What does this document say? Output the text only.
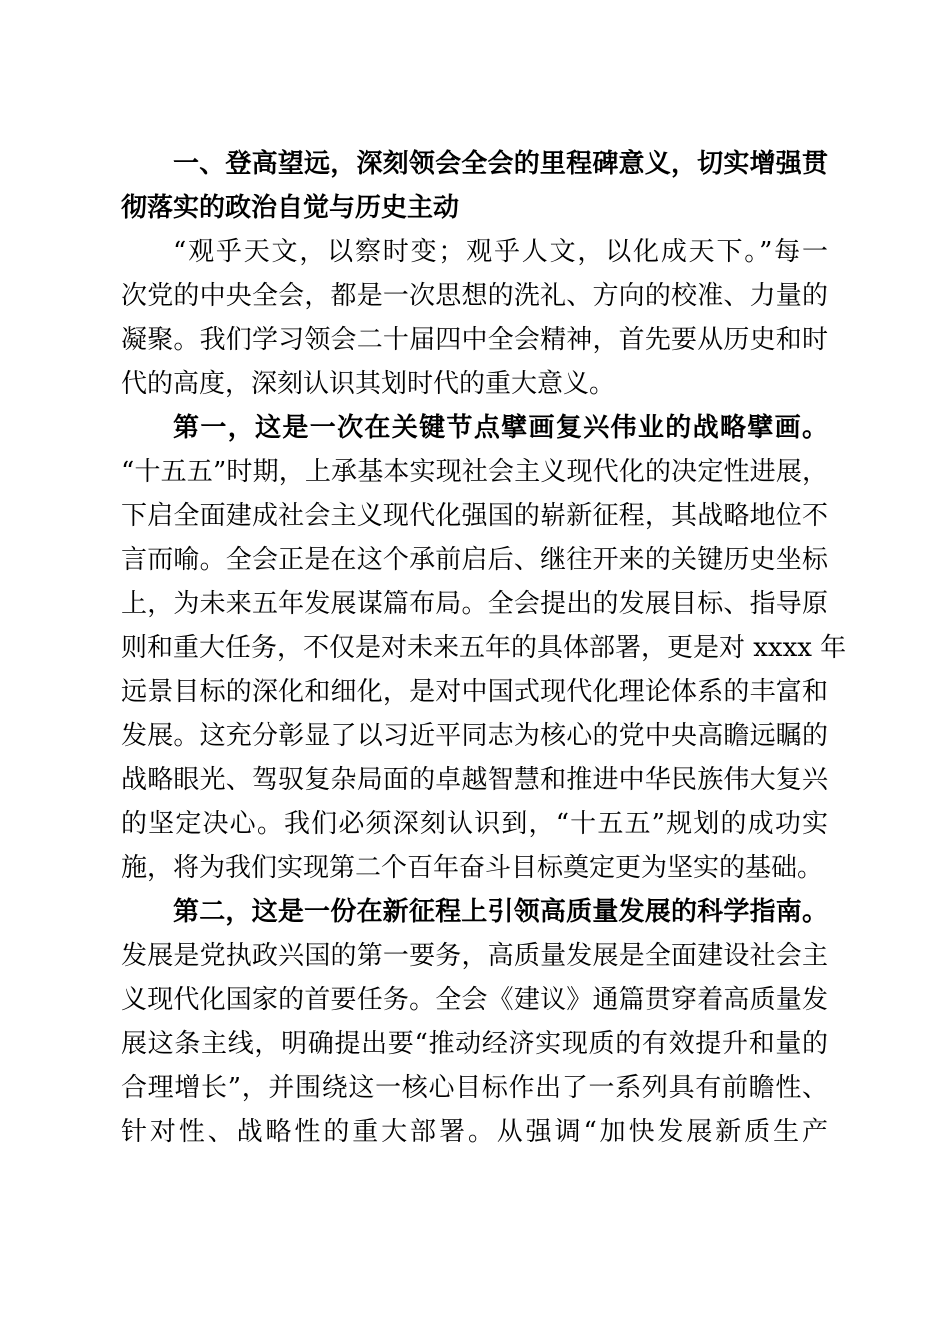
一、登高望远，深刻领会全会的里程碑意义，切实增强贯
彻落实的政治自觉与历史主动
“观乎天文，以察时变；观乎人文，以化成天下。”每一
次党的中央全会，都是一次思想的洗礼、方向的校准、力量的
凝聚。我们学习领会二十届四中全会精神，首先要从历史和时
代的高度，深刻认识其划时代的重大意义。
第一，这是一次在关键节点擘画复兴伟业的战略擘画。
“十五五”时期，上承基本实现社会主义现代化的决定性进展，
下启全面建成社会主义现代化强国的崭新征程，其战略地位不
言而喻。全会正是在这个承前启后、继往开来的关键历史坐标
上，为未来五年发展谋篇布局。全会提出的发展目标、指导原
则和重大任务，不仅是对未来五年的具体部署，更是对 xxxx 年
远景目标的深化和细化，是对中国式现代化理论体系的丰富和
发展。这充分彰显了以习近平同志为核心的党中央高瞻远瞩的
战略眼光、驾驭复杂局面的卓越智慧和推进中华民族伟大复兴
的坚定决心。我们必须深刻认识到，“十五五”规划的成功实
施，将为我们实现第二个百年奋斗目标奠定更为坚实的基础。
第二，这是一份在新征程上引领高质量发展的科学指南。
发展是党执政兴国的第一要务，高质量发展是全面建设社会主
义现代化国家的首要任务。全会《建议》通篇贯穿着高质量发
展这条主线，明确提出要“推动经济实现质的有效提升和量的
合理增长”，并围绕这一核心目标作出了一系列具有前瞻性、
针对性、战略性的重大部署。从强调“加快发展新质生产
